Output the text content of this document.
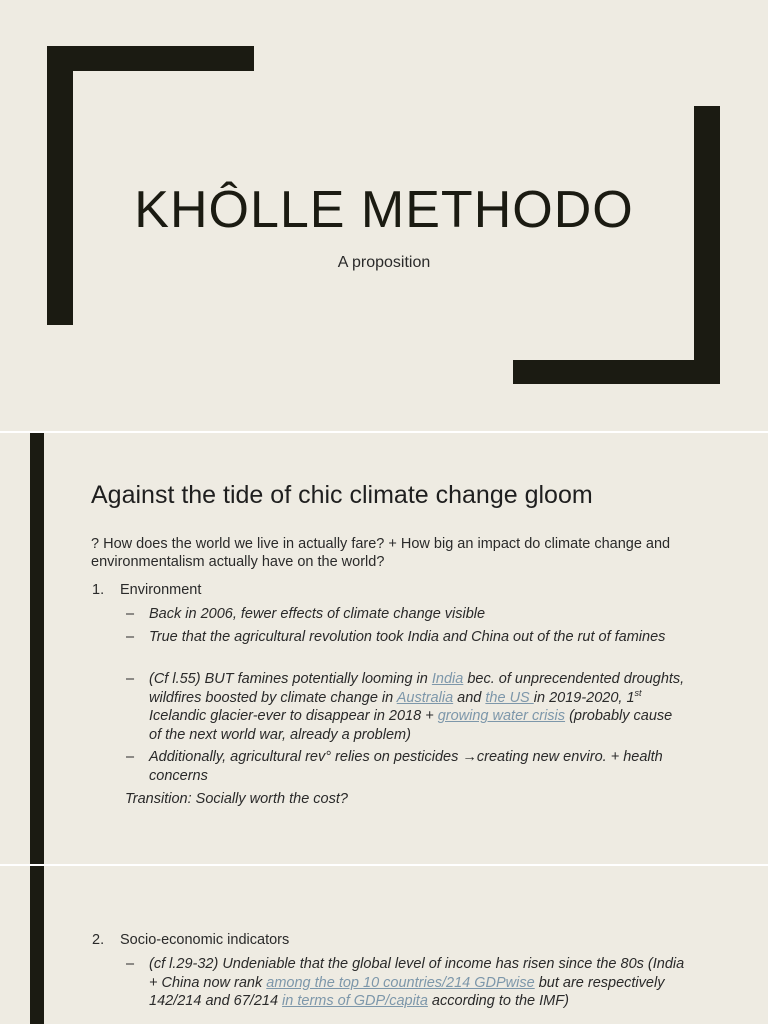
KHÔLLE METHODO
A proposition
Against the tide of chic climate change gloom
? How does the world we live in actually fare? + How big an impact do climate change and environmentalism actually have on the world?
1. Environment
– Back in 2006, fewer effects of climate change visible
– True that the agricultural revolution took India and China out of the rut of famines
– (Cf l.55) BUT famines potentially looming in India bec. of unprecendented droughts, wildfires boosted by climate change in Australia and the US in 2019-2020, 1st Icelandic glacier-ever to disappear in 2018 + growing water crisis (probably cause of the next world war, already a problem)
– Additionally, agricultural rev° relies on pesticides →creating new enviro. + health concerns
Transition: Socially worth the cost?
2. Socio-economic indicators
– (cf l.29-32) Undeniable that the global level of income has risen since the 80s (India + China now rank among the top 10 countries/214 GDPwise but are respectively 142/214 and 67/214 in terms of GDP/capita according to the IMF)
